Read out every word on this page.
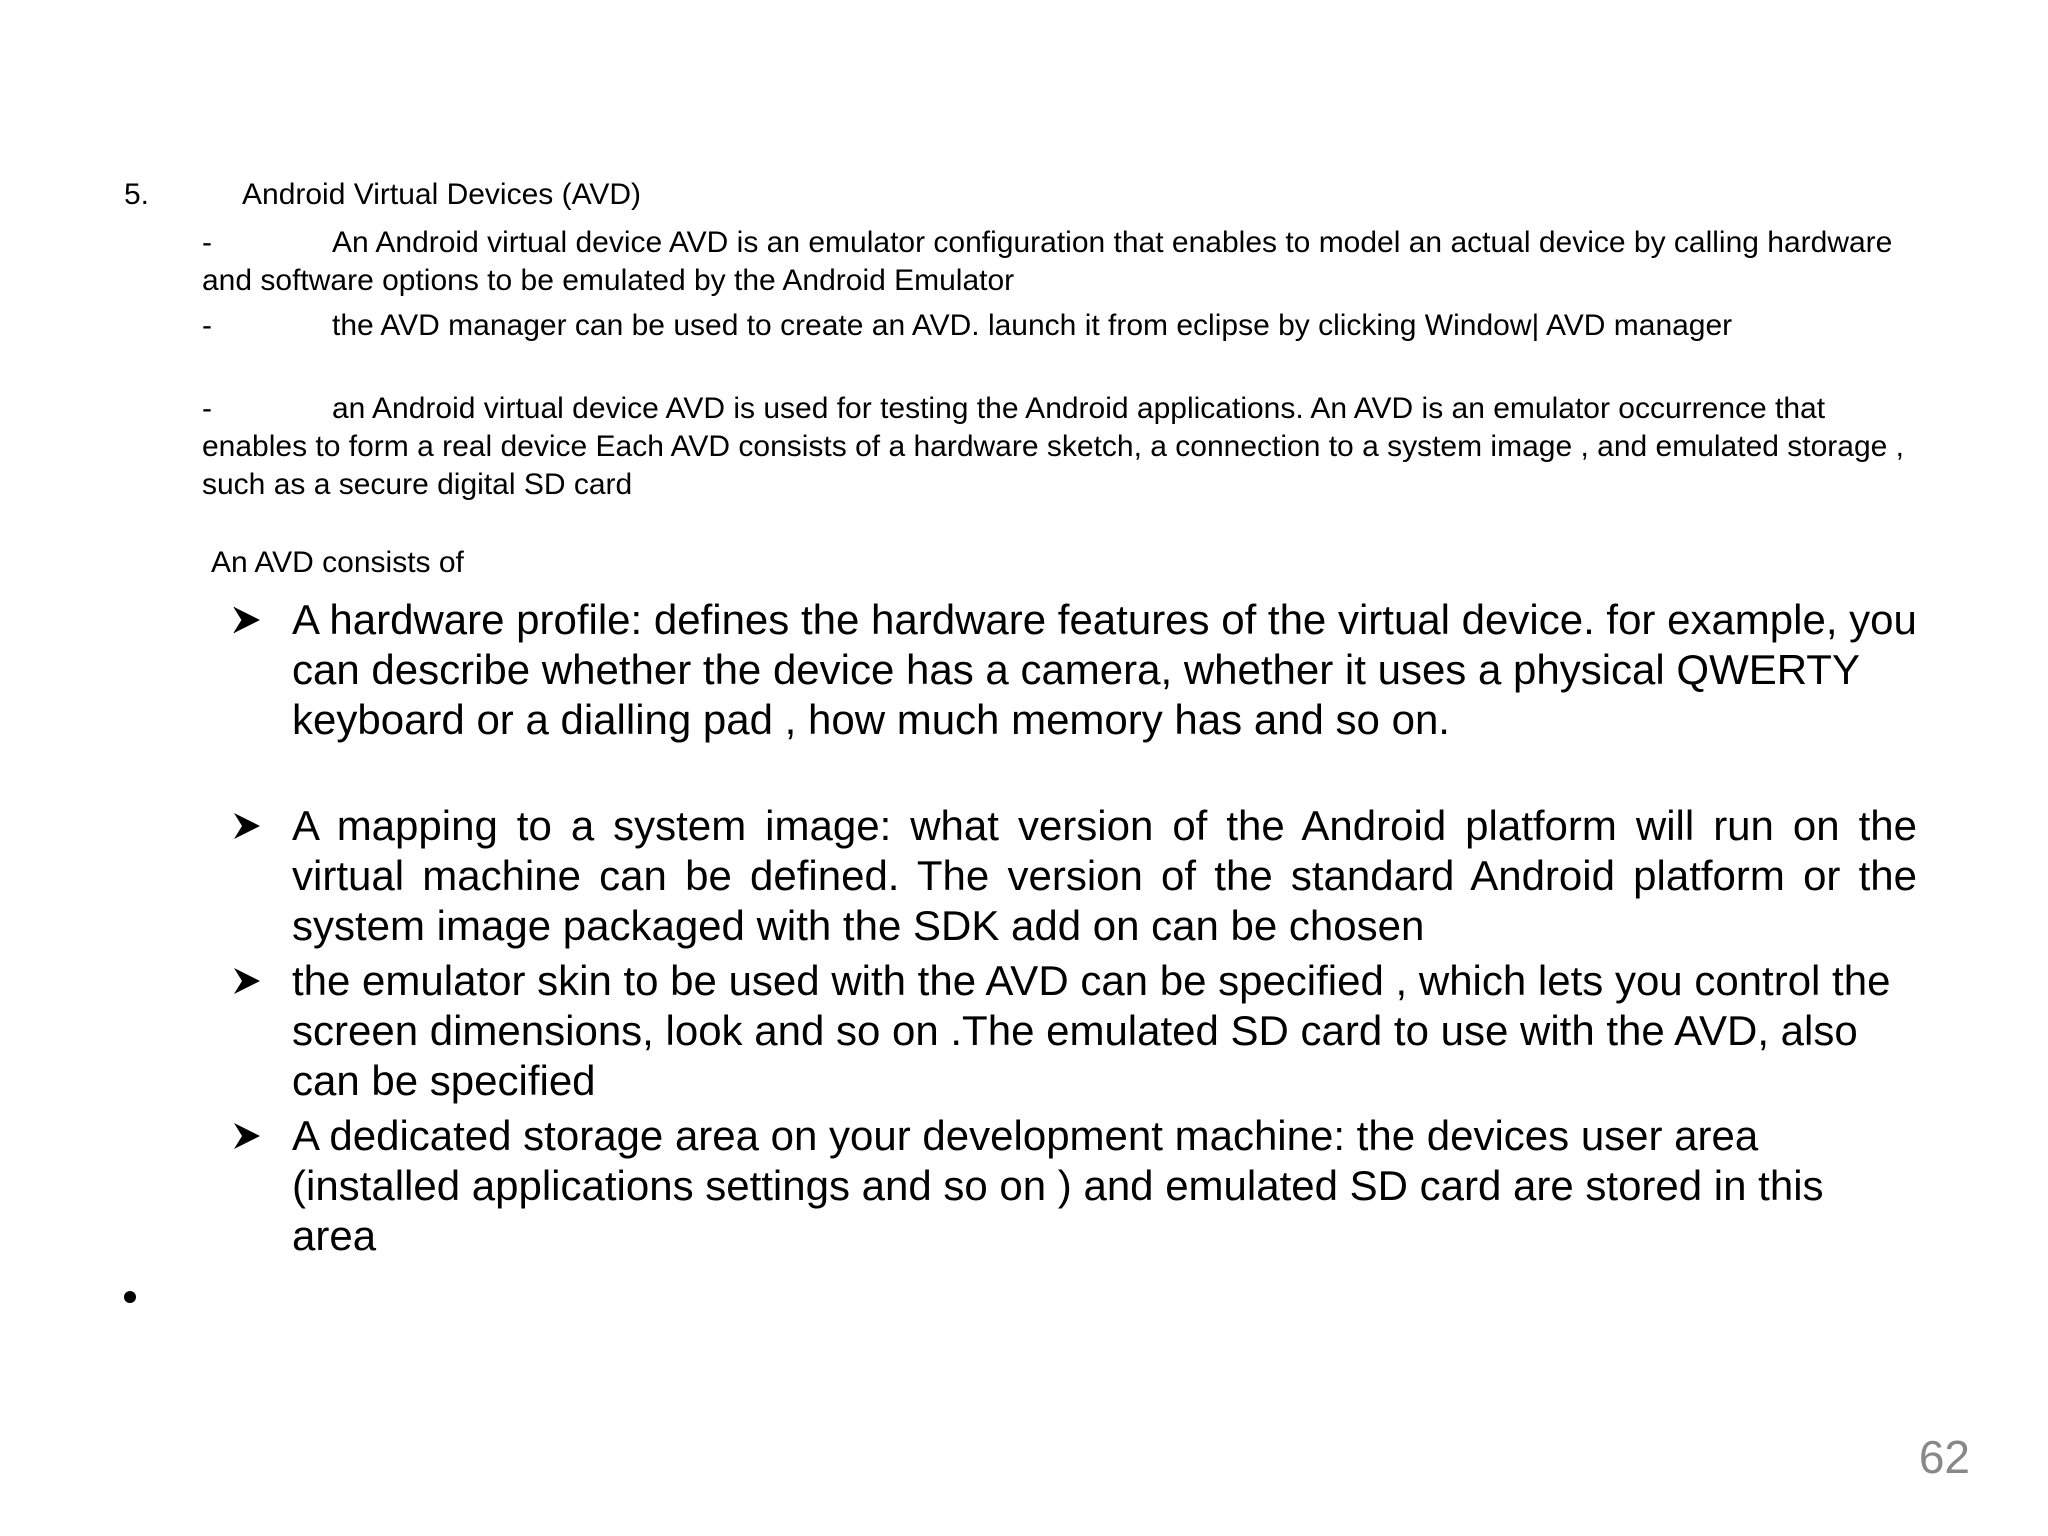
5.	Android Virtual Devices (AVD)
-	An Android virtual device AVD is an emulator configuration that enables to model an actual device by calling hardware and software options to be emulated by the Android Emulator
-	the AVD manager can be used to create an AVD. launch it from eclipse by clicking Window| AVD manager
-	an Android virtual device AVD is used for testing the Android applications. An AVD is an emulator occurrence that enables to form a real device Each AVD consists of a hardware sketch, a connection to a system image , and emulated storage , such as a secure digital SD card
An AVD consists of
A hardware profile: defines the hardware features of the virtual device. for example, you can describe whether the device has a camera, whether it uses a physical QWERTY keyboard or a dialling pad , how much memory has and so on.
A mapping to a system image: what version of the Android platform will run on the virtual machine can be defined. The version of the standard Android platform or the system image packaged with the SDK add on can be chosen
the emulator skin to be used with the AVD can be specified , which lets you control the screen dimensions, look and so on .The emulated SD card to use with the AVD, also can be specified
A dedicated storage area on your development machine: the devices user area (installed applications settings and so on ) and emulated SD card are stored in this area
62
